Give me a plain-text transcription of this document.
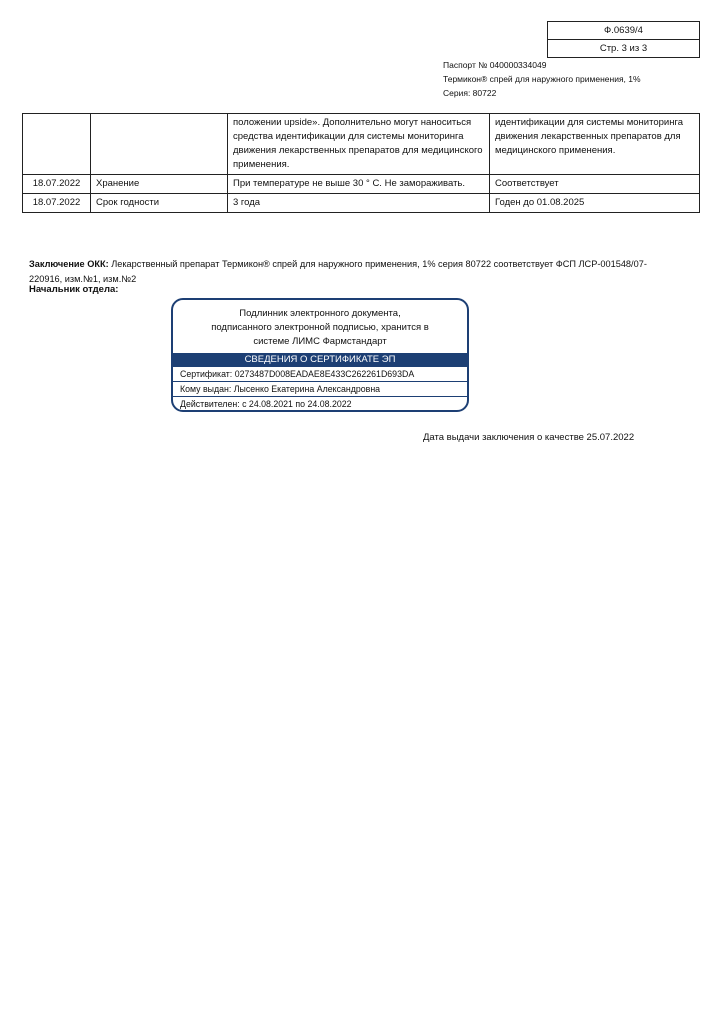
Ф.0639/4
Стр. 3 из 3
Паспорт № 040000334049
Термикон® спрей для наружного применения, 1%
Серия: 80722
		положении upside». Дополнительно могут наноситься средства идентификации для системы мониторинга движения лекарственных препаратов для медицинского применения.	идентификации для системы мониторинга движения лекарственных препаратов для медицинского применения.
18.07.2022	Хранение	При температуре не выше 30 ° С. Не замораживать.	Соответствует
18.07.2022	Срок годности	3 года	Годен до 01.08.2025
Заключение ОКК: Лекарственный препарат Термикон® спрей для наружного применения, 1% серия 80722 соответствует ФСП ЛСР-001548/07-220916, изм.№1, изм.№2
Начальник отдела:
Подлинник электронного документа,
подписанного электронной подписью, хранится в
системе ЛИМС Фармстандарт
СВЕДЕНИЯ О СЕРТИФИКАТЕ ЭП
Сертификат: 0273487D008EADAE8E433C262261D693DA
Кому выдан: Лысенко Екатерина Александровна
Действителен: с 24.08.2021 по 24.08.2022
Дата выдачи заключения о качестве 25.07.2022
